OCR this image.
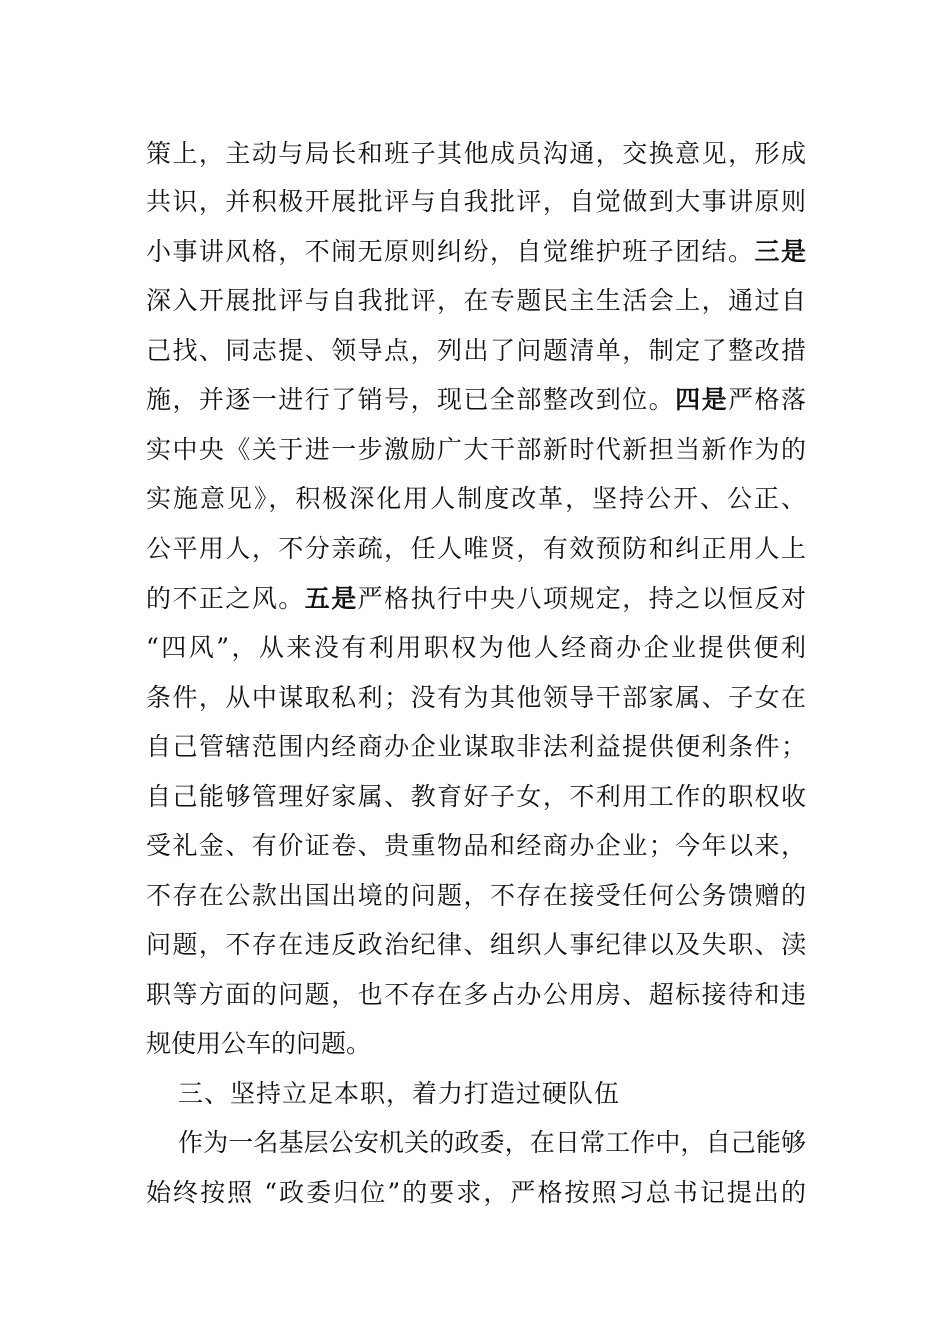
策上，主动与局长和班子其他成员沟通，交换意见，形成
共识，并积极开展批评与自我批评，自觉做到大事讲原则
小事讲风格，不闹无原则纠纷，自觉维护班子团结。三是
深入开展批评与自我批评，在专题民主生活会上，通过自
己找、同志提、领导点，列出了问题清单，制定了整改措
施，并逐一进行了销号，现已全部整改到位。四是严格落
实中央《关于进一步激励广大干部新时代新担当新作为的
实施意见》，积极深化用人制度改革，坚持公开、公正、
公平用人，不分亲疏，任人唯贤，有效预防和纠正用人上
的不正之风。五是严格执行中央八项规定，持之以恒反对
“四风”，从来没有利用职权为他人经商办企业提供便利
条件，从中谋取私利；没有为其他领导干部家属、子女在
自己管辖范围内经商办企业谋取非法利益提供便利条件；
自己能够管理好家属、教育好子女，不利用工作的职权收
受礼金、有价证卷、贵重物品和经商办企业；今年以来，
不存在公款出国出境的问题，不存在接受任何公务馈赠的
问题，不存在违反政治纪律、组织人事纪律以及失职、渎
职等方面的问题，也不存在多占办公用房、超标接待和违
规使用公车的问题。
三、坚持立足本职，着力打造过硬队伍
作为一名基层公安机关的政委，在日常工作中，自己能够
始终按照 “政委归位”的要求，严格按照习总书记提出的
